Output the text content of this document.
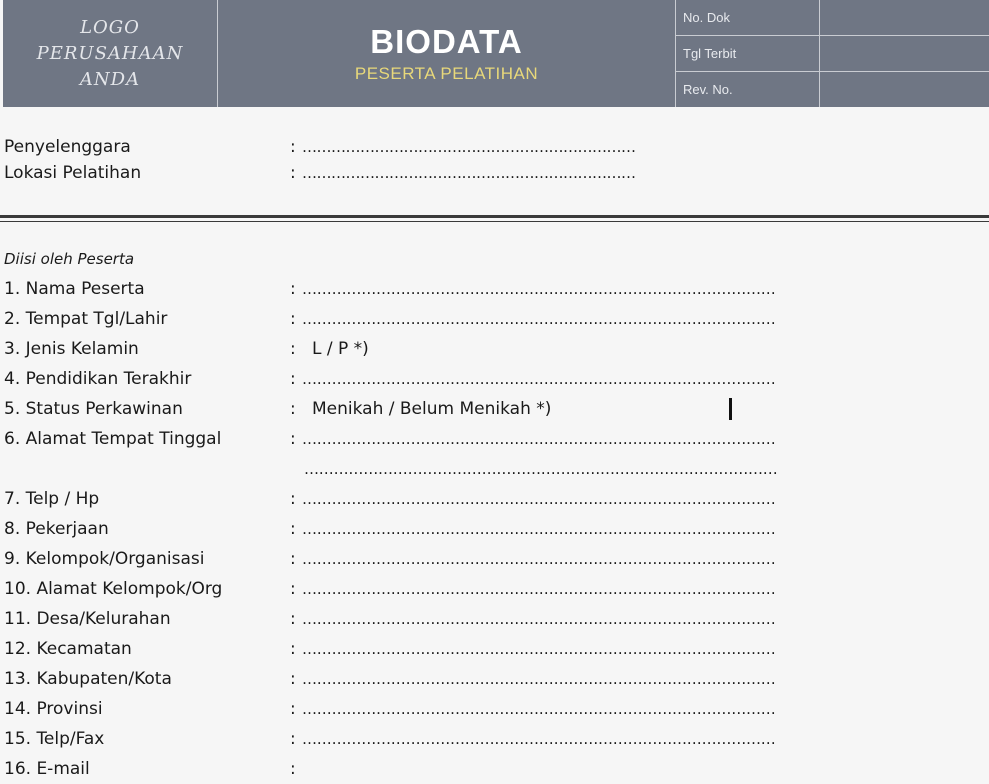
LOGO
PERUSAHAAN
ANDA
BIODATA
PESERTA PELATIHAN
No. Dok
Tgl Terbit
Rev. No.
Penyelenggara	: ……………………………………………………………
Lokasi Pelatihan	: ……………………………………………………………
Diisi oleh Peserta
1. Nama Peserta	: ……………………………………………………………………………………
2. Tempat Tgl/Lahir	: ……………………………………………………………………………………
3. Jenis Kelamin	: L / P *)
4. Pendidikan Terakhir	: ……………………………………………………………………………………
5. Status Perkawinan	: Menikah / Belum Menikah *)
6. Alamat Tempat Tinggal	: ……………………………………………………………………………………
……………………………………………………………………………………
7. Telp / Hp	: ……………………………………………………………………………………
8. Pekerjaan	: ……………………………………………………………………………………
9. Kelompok/Organisasi	: ……………………………………………………………………………………
10. Alamat Kelompok/Org	: ……………………………………………………………………………………
11. Desa/Kelurahan	: ……………………………………………………………………………………
12. Kecamatan	: ……………………………………………………………………………………
13. Kabupaten/Kota	: ……………………………………………………………………………………
14. Provinsi	: ……………………………………………………………………………………
15. Telp/Fax	: ……………………………………………………………………………………
16. E-mail	:
